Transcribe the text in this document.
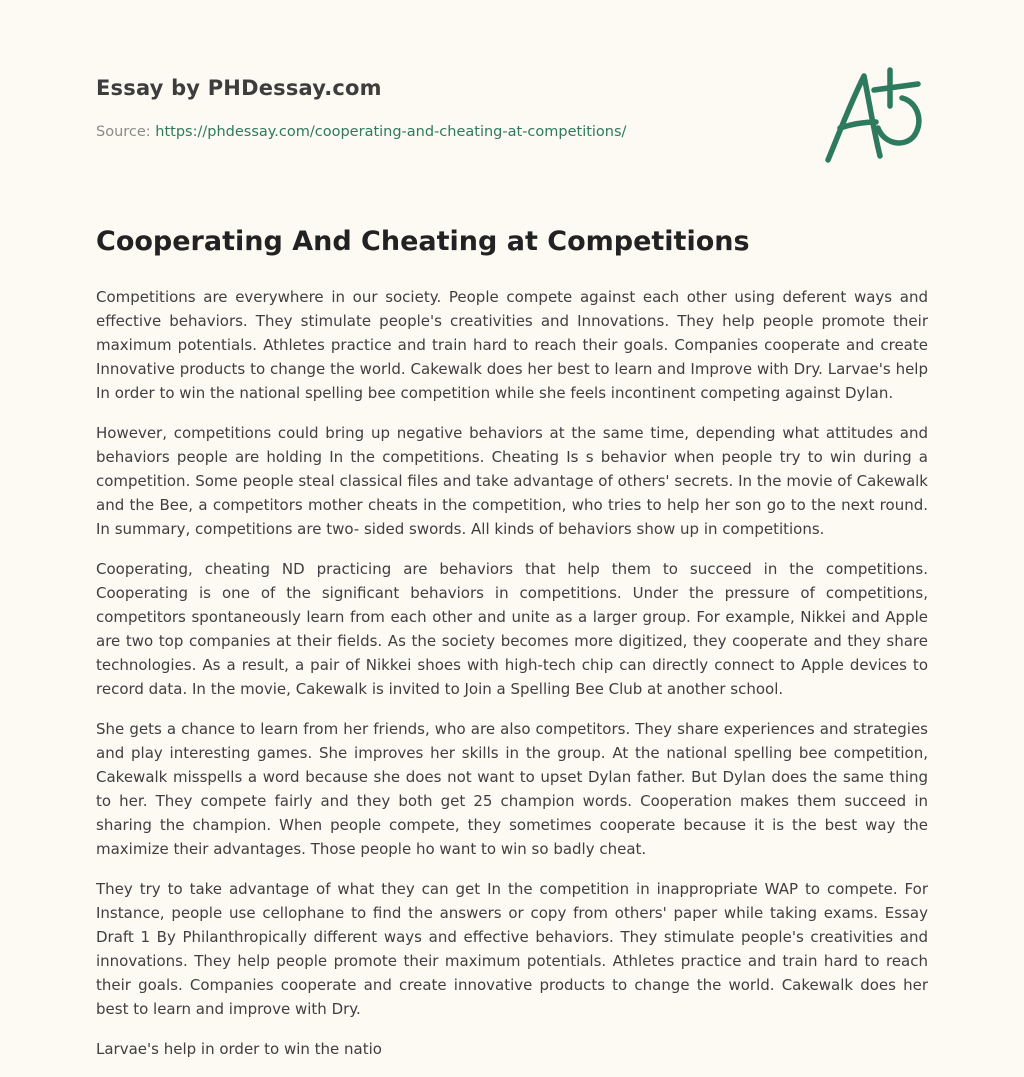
Essay by PHDessay.com
Source: https://phdessay.com/cooperating-and-cheating-at-competitions/
Cooperating And Cheating at Competitions

Competitions are everywhere in our society. People compete against each other using deferent ways and effective behaviors. They stimulate people's creativities and Innovations. They help people promote their maximum potentials. Athletes practice and train hard to reach their goals. Companies cooperate and create Innovative products to change the world. Cakewalk does her best to learn and Improve with Dry. Larvae's help In order to win the national spelling bee competition while she feels incontinent competing against Dylan.

However, competitions could bring up negative behaviors at the same time, depending what attitudes and behaviors people are holding In the competitions. Cheating Is s behavior when people try to win during a competition. Some people steal classical files and take advantage of others' secrets. In the movie of Cakewalk and the Bee, a competitors mother cheats in the competition, who tries to help her son go to the next round. In summary, competitions are two- sided swords. All kinds of behaviors show up in competitions.

Cooperating, cheating ND practicing are behaviors that help them to succeed in the competitions. Cooperating is one of the significant behaviors in competitions. Under the pressure of competitions, competitors spontaneously learn from each other and unite as a larger group. For example, Nikkei and Apple are two top companies at their fields. As the society becomes more digitized, they cooperate and they share technologies. As a result, a pair of Nikkei shoes with high-tech chip can directly connect to Apple devices to record data. In the movie, Cakewalk is invited to Join a Spelling Bee Club at another school.

She gets a chance to learn from her friends, who are also competitors. They share experiences and strategies and play interesting games. She improves her skills in the group. At the national spelling bee competition, Cakewalk misspells a word because she does not want to upset Dylan father. But Dylan does the same thing to her. They compete fairly and they both get 25 champion words. Cooperation makes them succeed in sharing the champion. When people compete, they sometimes cooperate because it is the best way the maximize their advantages. Those people ho want to win so badly cheat.

They try to take advantage of what they can get In the competition in inappropriate WAP to compete. For Instance, people use cellophane to find the answers or copy from others' paper while taking exams. Essay Draft 1 By Philanthropically different ways and effective behaviors. They stimulate people's creativities and innovations. They help people promote their maximum potentials. Athletes practice and train hard to reach their goals. Companies cooperate and create innovative products to change the world. Cakewalk does her best to learn and improve with Dry.

Larvae's help in order to win the natio
